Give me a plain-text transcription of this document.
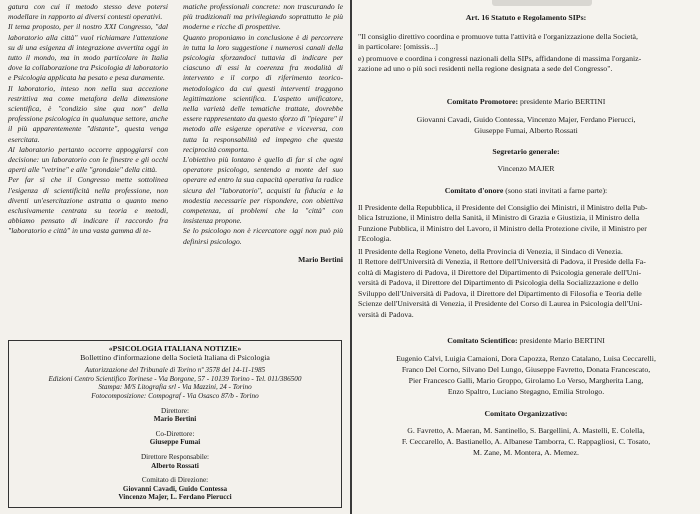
gatura con cui il metodo stesso deve potersi modellare in rapporto ai diversi contesti operativi.

Il tema proposto, per il nostro XXI Congresso, "dal laboratorio alla città" vuol richiamare l'attenzione su di una esigenza di integrazione avvertita oggi in tutto il mondo, ma in modo particolare in Italia dove la collaborazione tra Psicologia di laboratorio e Psicologia applicata ha pesato e pesa duramente.

Il laboratorio, inteso non nella sua accezione restrittiva ma come metafora della dimensione scientifica, è "condizio sine qua non" della professione psicologica in qualunque settore, anche il più apparentemente "distante", questa venga esercitata.

Al laboratorio pertanto occorre appoggiarsi con decisione: un laboratorio con le finestre e gli occhi aperti alle "vetrine" e alle "grondaie" della città.

Per far sì che il Congresso mette sottolinea l'esigenza di scientificità nella professione, non diventi un'esercitazione astratta o quanto meno esclusivamente centrata su teoria e metodi, abbiamo pensato di indicare il raccordo fra "laboratorio e città" in una vasta gamma di te-

matiche professionali concrete: non trascurando le più tradizionali ma privilegiando soprattutto le più moderne e ricche di prospettive.

Quanto proponiamo in conclusione è di percorrere in tutta la loro suggestione i numerosi canali della psicologia sforzandoci tuttavia di indicare per ciascuno di essi la coerenza fra modalità di intervento e il corpo di riferimento teorico-metodologico da cui questi interventi traggono legittimazione scientifica. L'aspetto unificatore, nella varietà delle tematiche trattate, dovrebbe essere rappresentato da questo sforzo di "piegare" il metodo alle esigenze operative e viceversa, con tutta la responsabilità ed impegno che questa reciprocità comporta.

L'obiettivo più lontano è quello di far sì che ogni operatore psicologo, sentendo a monte del suo operare ed entro la sua capacità operativa la radice sicura del "laboratorio", acquisti la fiducia e la modestia necessarie per rispondere, con obiettiva competenza, ai problemi che la "città" con insistenza propone.

Se lo psicologo non è ricercatore oggi non può più definirsi psicologo.

Mario Bertini

«PSICOLOGIA ITALIANA NOTIZIE»
Bollettino d'informazione della Società Italiana di Psicologia
Autorizzazione del Tribunale di Torino nº 3578 del 14-11-1985
Edizioni Centro Scientifico Torinese - Via Borgone, 57 - 10139 Torino - Tel. 011/386500
Stampa: M/S Litografia srl - Via Mazzini, 24 - Torino
Fotocomposizione: Compograf - Via Osasco 87/b - Torino
Direttore:
Mario Bertini
Co-Direttore:
Giuseppe Fumai
Direttore Responsabile:
Alberto Rossati
Comitato di Direzione:
Giovanni Cavadi, Guido Contessa
Vincenzo Majer, L. Ferdano Pierucci
Art. 16 Statuto e Regolamento SIPs:
"Il consiglio direttivo coordina e promuove tutta l'attività e l'organizzazione della Società,
in particolare: [omissis...]
e) promuove e coordina i congressi nazionali della SIPs, affidandone di massima l'organiz-
zazione ad uno o più soci residenti nella regione designata a sede del Congresso".
Comitato Promotore: presidente Mario BERTINI
Giovanni Cavadi, Guido Contessa, Vincenzo Majer, Ferdano Pierucci,
Giuseppe Fumai, Alberto Rossati
Segretario generale:
Vincenzo MAJER
Comitato d'onore (sono stati invitati a farne parte):
Il Presidente della Repubblica, il Presidente del Consiglio dei Ministri, il Ministro della Pub-
blica Istruzione, il Ministro della Sanità, il Ministro di Grazia e Giustizia, il Ministro della
Funzione Pubblica, il Ministro del Lavoro, il Ministro della Protezione civile, il Ministro per
l'Ecologia.
Il Presidente della Regione Veneto, della Provincia di Venezia, il Sindaco di Venezia.
Il Rettore dell'Università di Venezia, il Rettore dell'Università di Padova, il Preside della Fa-
coltà di Magistero di Padova, il Direttore del Dipartimento di Psicologia generale dell'Uni-
versità di Padova, il Direttore del Dipartimento di Psicologia della Socializzazione e dello
Sviluppo dell'Università di Padova, il Direttore del Dipartimento di Filosofia e Teoria delle
Scienze dell'Università di Venezia, il Presidente del Corso di Laurea in Psicologia dell'Uni-
versità di Padova.
Comitato Scientifico: presidente Mario BERTINI
Eugenio Calvi, Luigia Camaioni, Dora Capozza, Renzo Catalano, Luisa Ceccarelli,
Franco Del Corno, Silvano Del Lungo, Giuseppe Favretto, Donata Francescato,
Pier Francesco Galli, Mario Groppo, Girolamo Lo Verso, Margherita Lang,
Enzo Spaltro, Luciano Stegagno, Emilia Strologo.
Comitato Organizzativo:
G. Favretto, A. Maeran, M. Santinello, S. Bargellini, A. Mastelli, E. Colella,
F. Ceccarello, A. Bastianello, A. Albanese Tamborra, C. Rappagliosi, C. Tosato,
M. Zane, M. Montera, A. Memez.
